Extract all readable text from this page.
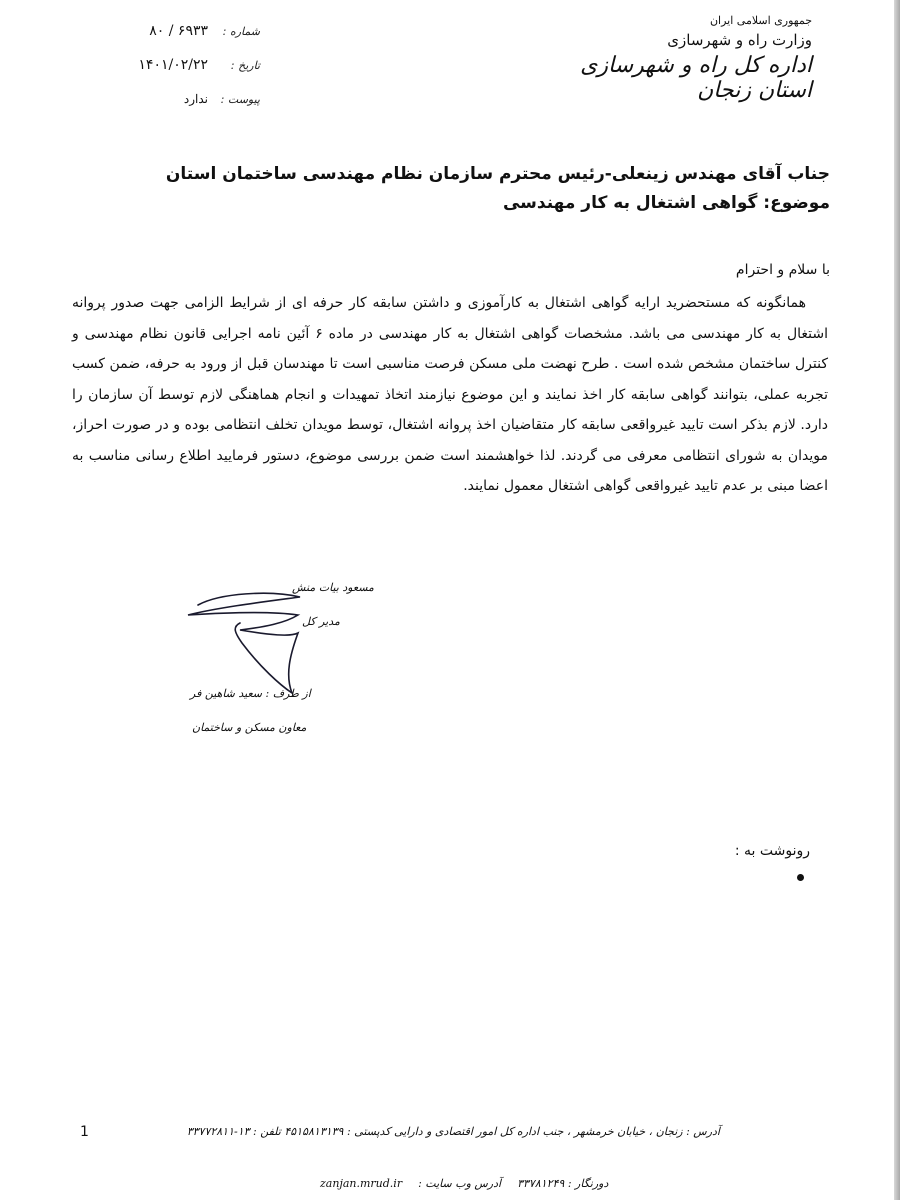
جمهوری اسلامی ایران
وزارت راه و شهرسازی
اداره کل راه و شهرسازی استان زنجان
شماره :
۶۹۳۳ / ۸۰
تاریخ :
۱۴۰۱/۰۲/۲۲
پیوست :
ندارد
جناب آقای مهندس زینعلی-رئیس محترم سازمان نظام مهندسی ساختمان استان
موضوع: گواهی اشتغال به کار مهندسی
با سلام و احترام
همانگونه که مستحضرید ارایه گواهی اشتغال به کارآموزی و داشتن سابقه کار حرفه ای از شرایط الزامی جهت صدور پروانه اشتغال به کار مهندسی می باشد. مشخصات گواهی اشتغال به کار مهندسی در ماده ۶ آئین نامه اجرایی قانون نظام مهندسی و کنترل ساختمان مشخص شده است . طرح نهضت ملی مسکن فرصت مناسبی است تا مهندسان قبل از ورود به حرفه، ضمن کسب تجربه عملی، بتوانند گواهی سابقه کار اخذ نمایند و این موضوع نیازمند اتخاذ تمهیدات و انجام هماهنگی لازم توسط آن سازمان را دارد. لازم بذکر است تایید غیرواقعی سابقه کار متقاضیان اخذ پروانه اشتغال، توسط مویدان تخلف انتظامی بوده و در صورت احراز، مویدان به شورای انتظامی معرفی می گردند. لذا خواهشمند است ضمن بررسی موضوع، دستور فرمایید اطلاع رسانی مناسب به اعضا مبنی بر عدم تایید غیرواقعی گواهی اشتغال معمول نمایند.
مسعود بیات منش
مدیر کل
از طرف : سعید شاهین فر
معاون مسکن و ساختمان
رونوشت به :
1	آدرس : زنجان ، خیابان خرمشهر ، جنب اداره کل امور اقتصادی و دارایی کدپستی : ۴۵۱۵۸۱۳۱۳۹ تلفن : ۱۳-۳۳۷۷۲۸۱۱
zanjan.mrud.ir آدرس وب سایت : دورنگار : ۳۳۷۸۱۲۴۹
